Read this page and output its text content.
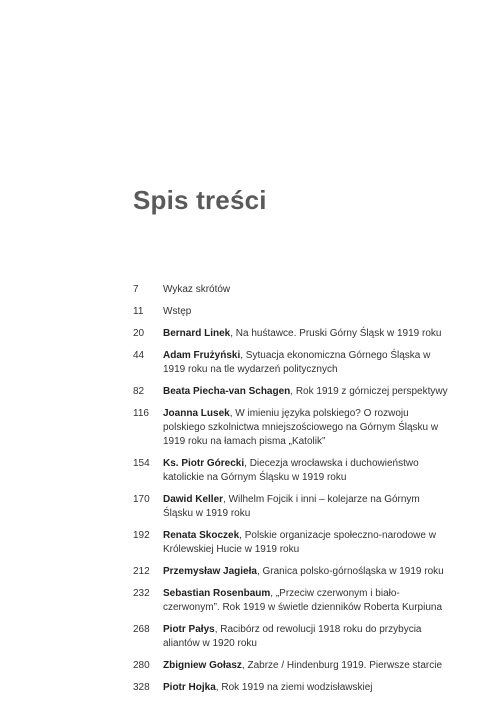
Spis treści
7	Wykaz skrótów
11	Wstęp
20	Bernard Linek, Na huśtawce. Pruski Górny Śląsk w 1919 roku
44	Adam Frużyński, Sytuacja ekonomiczna Górnego Śląska w 1919 roku na tle wydarzeń politycznych
82	Beata Piecha-van Schagen, Rok 1919 z górniczej perspektywy
116	Joanna Lusek, W imieniu języka polskiego? O rozwoju polskiego szkolnictwa mniejszościowego na Górnym Śląsku w 1919 roku na łamach pisma „Katolik”
154	Ks. Piotr Górecki, Diecezja wrocławska i duchowieństwo katolickie na Górnym Śląsku w 1919 roku
170	Dawid Keller, Wilhelm Fojcik i inni – kolejarze na Górnym Śląsku w 1919 roku
192	Renata Skoczek, Polskie organizacje społeczno-narodowe w Królewskiej Hucie w 1919 roku
212	Przemysław Jagieła, Granica polsko-górnośląska w 1919 roku
232	Sebastian Rosenbaum, „Przeciw czerwonym i biało-czerwonym”. Rok 1919 w świetle dzienników Roberta Kurpiuna
268	Piotr Pałys, Racibórz od rewolucji 1918 roku do przybycia aliantów w 1920 roku
280	Zbigniew Gołasz, Zabrze / Hindenburg 1919. Pierwsze starcie
328	Piotr Hojka, Rok 1919 na ziemi wodzisławskiej
